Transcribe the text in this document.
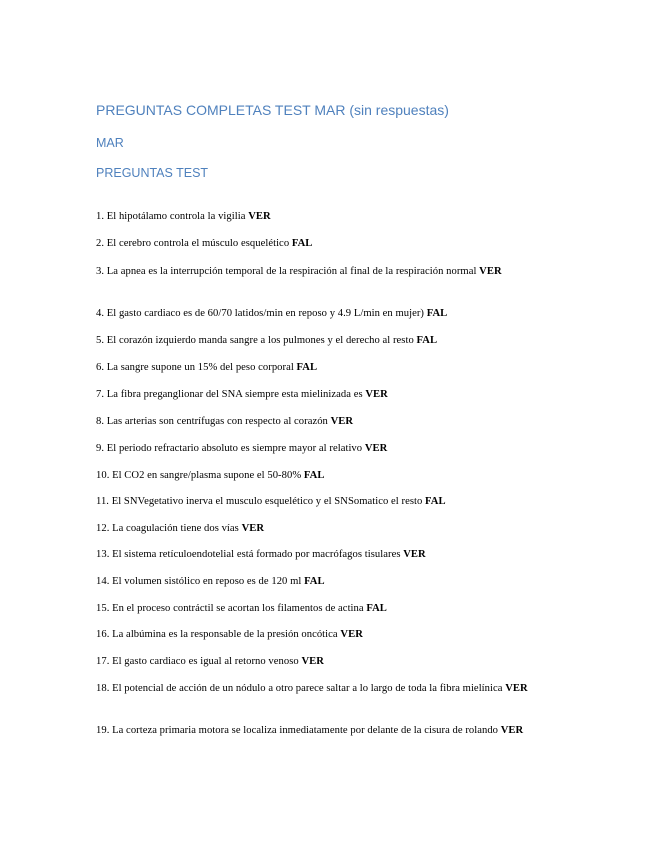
PREGUNTAS COMPLETAS TEST MAR (sin respuestas)
MAR
PREGUNTAS TEST
1. El hipotálamo controla la vigilia VER
2. El cerebro controla el músculo esquelético FAL
3. La apnea es la interrupción temporal de la respiración al final de la respiración normal VER
4. El gasto cardiaco es de 60/70 latidos/min en reposo y 4.9 L/min en mujer) FAL
5. El corazón izquierdo manda sangre a los pulmones y el derecho al resto FAL
6. La sangre supone un 15% del peso corporal FAL
7. La fibra preganglionar del SNA siempre esta mielinizada es VER
8. Las arterias son centrífugas con respecto al corazón VER
9. El periodo refractario absoluto es siempre mayor al relativo VER
10. El CO2 en sangre/plasma supone el 50-80% FAL
11. El SNVegetativo inerva el musculo esquelético y el SNSomatico el resto FAL
12. La coagulación tiene dos vías VER
13. El sistema retículoendotelial está formado por macrófagos tisulares VER
14. El volumen sistólico en reposo es de 120 ml FAL
15. En el proceso contráctil se acortan los filamentos de actina FAL
16. La albúmina es la responsable de la presión oncótica VER
17. El gasto cardiaco es igual al retorno venoso VER
18. El potencial de acción de un nódulo a otro parece saltar a lo largo de toda la fibra mielínica VER
19. La corteza primaria motora se localiza inmediatamente por delante de la cisura de rolando VER
